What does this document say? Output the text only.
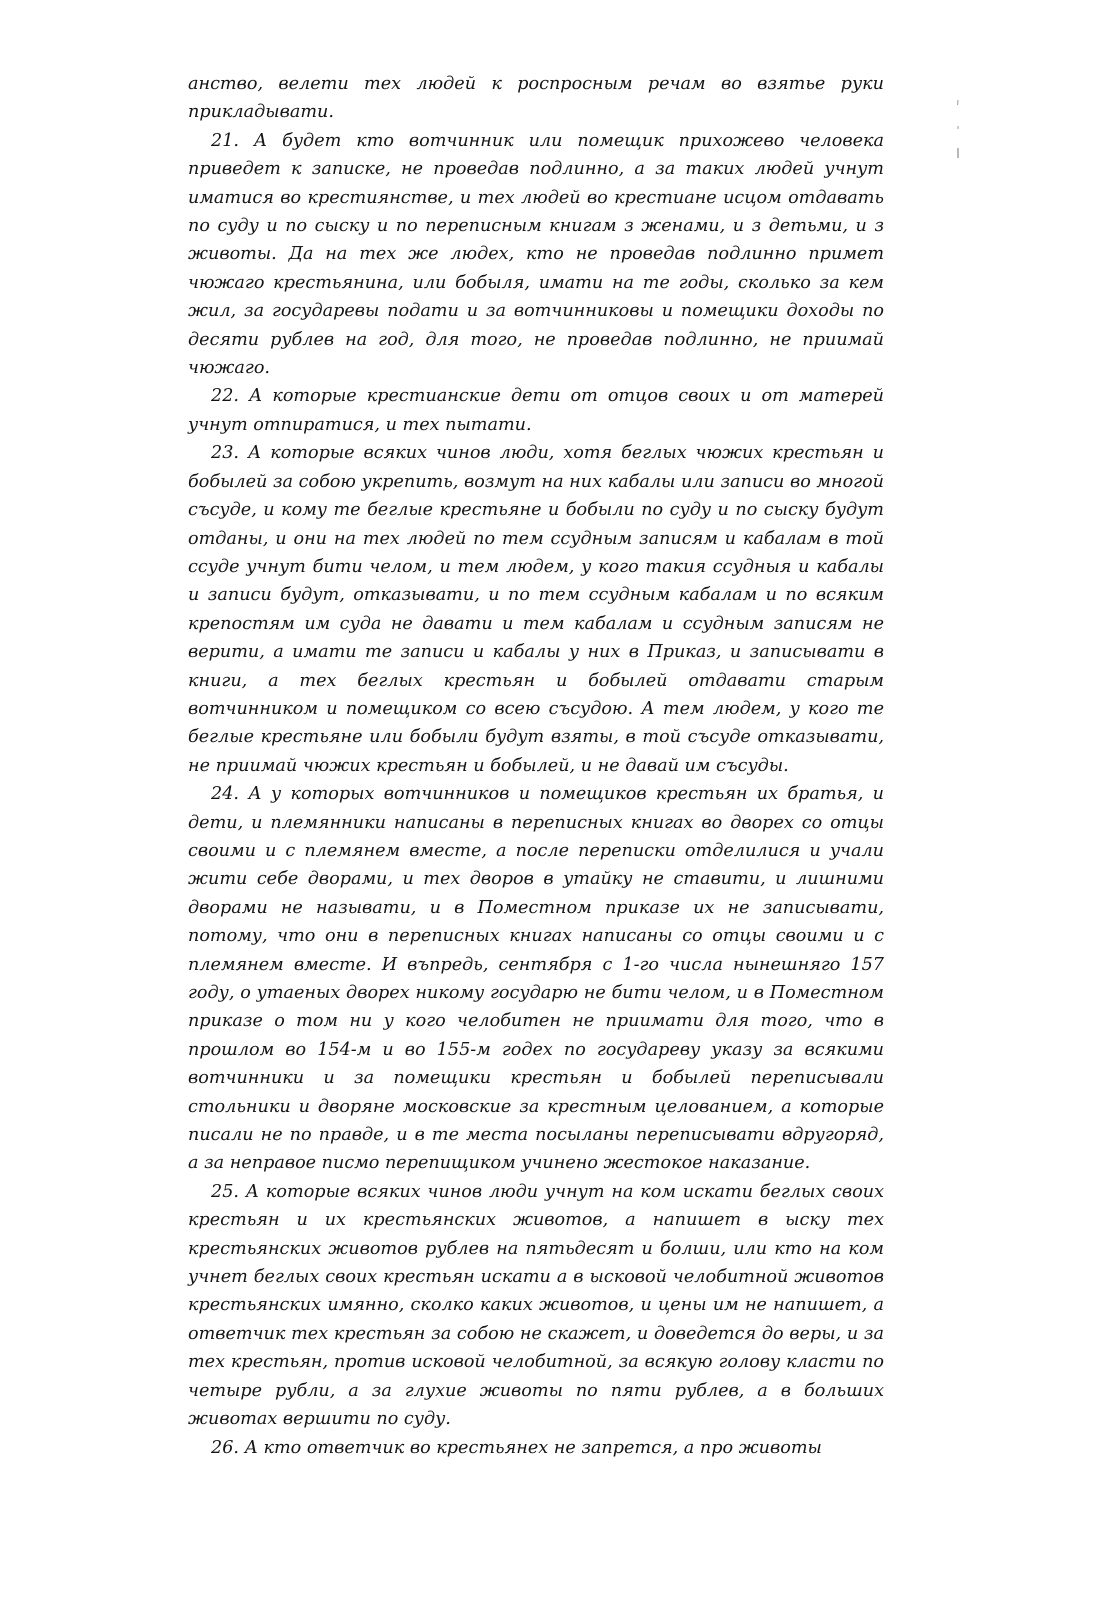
анство, велети тех людей к роспросным речам во взятье руки прикладывати.

21. А будет кто вотчинник или помещик прихожево человека приведет к записке, не проведав подлинно, а за таких людей учнут иматися во крестиянстве, и тех людей во крестиане исцом отдавать по суду и по сыску и по переписным книгам з женами, и з детьми, и з животы. Да на тех же людех, кто не проведав подлинно примет чюжаго крестьянина, или бобыля, имати на те годы, сколько за кем жил, за государевы подати и за вотчинниковы и помещики доходы по десяти рублев на год, для того, не проведав подлинно, не приимай чюжаго.

22. А которые крестианские дети от отцов своих и от матерей учнут отпиратися, и тех пытати.

23. А которые всяких чинов люди, хотя беглых чюжих крестьян и бобылей за собою укрепить, возмут на них кабалы или записи во многой съсуде, и кому те беглые крестьяне и бобыли по суду и по сыску будут отданы, и они на тех людей по тем ссудным записям и кабалам в той ссуде учнут бити челом, и тем людем, у кого такия ссудныя и кабалы и записи будут, отказывати, и по тем ссудным кабалам и по всяким крепостям им суда не давати и тем кабалам и ссудным записям не верити, а имати те записи и кабалы у них в Приказ, и записывати в книги, а тех беглых крестьян и бобылей отдавати старым вотчинником и помещиком со всею съсудою. А тем людем, у кого те беглые крестьяне или бобыли будут взяты, в той съсуде отказывати, не приимай чюжих крестьян и бобылей, и не давай им съсуды.

24. А у которых вотчинников и помещиков крестьян их братья, и дети, и племянники написаны в переписных книгах во дворех со отцы своими и с племянем вместе, а после переписки отделилися и учали жити себе дворами, и тех дворов в утайку не ставити, и лишними дворами не называти, и в Поместном приказе их не записывати, потому, что они в переписных книгах написаны со отцы своими и с племянем вместе. И въпредь, сентября с 1-го числа нынешняго 157 году, о утаеных дворех никому государю не бити челом, и в Поместном приказе о том ни у кого челобитен не приимати для того, что в прошлом во 154-м и во 155-м годех по государеву указу за всякими вотчинники и за помещики крестьян и бобылей переписывали стольники и дворяне московские за крестным целованием, а которые писали не по правде, и в те места посыланы переписывати вдругоряд, а за неправое писмо перепищиком учинено жестокое наказание.

25. А которые всяких чинов люди учнут на ком искати беглых своих крестьян и их крестьянских животов, а напишет в ыску тех крестьянских животов рублев на пятьдесят и болши, или кто на ком учнет беглых своих крестьян искати а в ысковой челобитной животов крестьянских имянно, сколко каких животов, и цены им не напишет, а ответчик тех крестьян за собою не скажет, и доведется до веры, и за тех крестьян, против исковой челобитной, за всякую голову класти по четыре рубли, а за глухие животы по пяти рублев, а в больших животах вершити по суду.

26. А кто ответчик во крестьянех не запрется, а про животы
